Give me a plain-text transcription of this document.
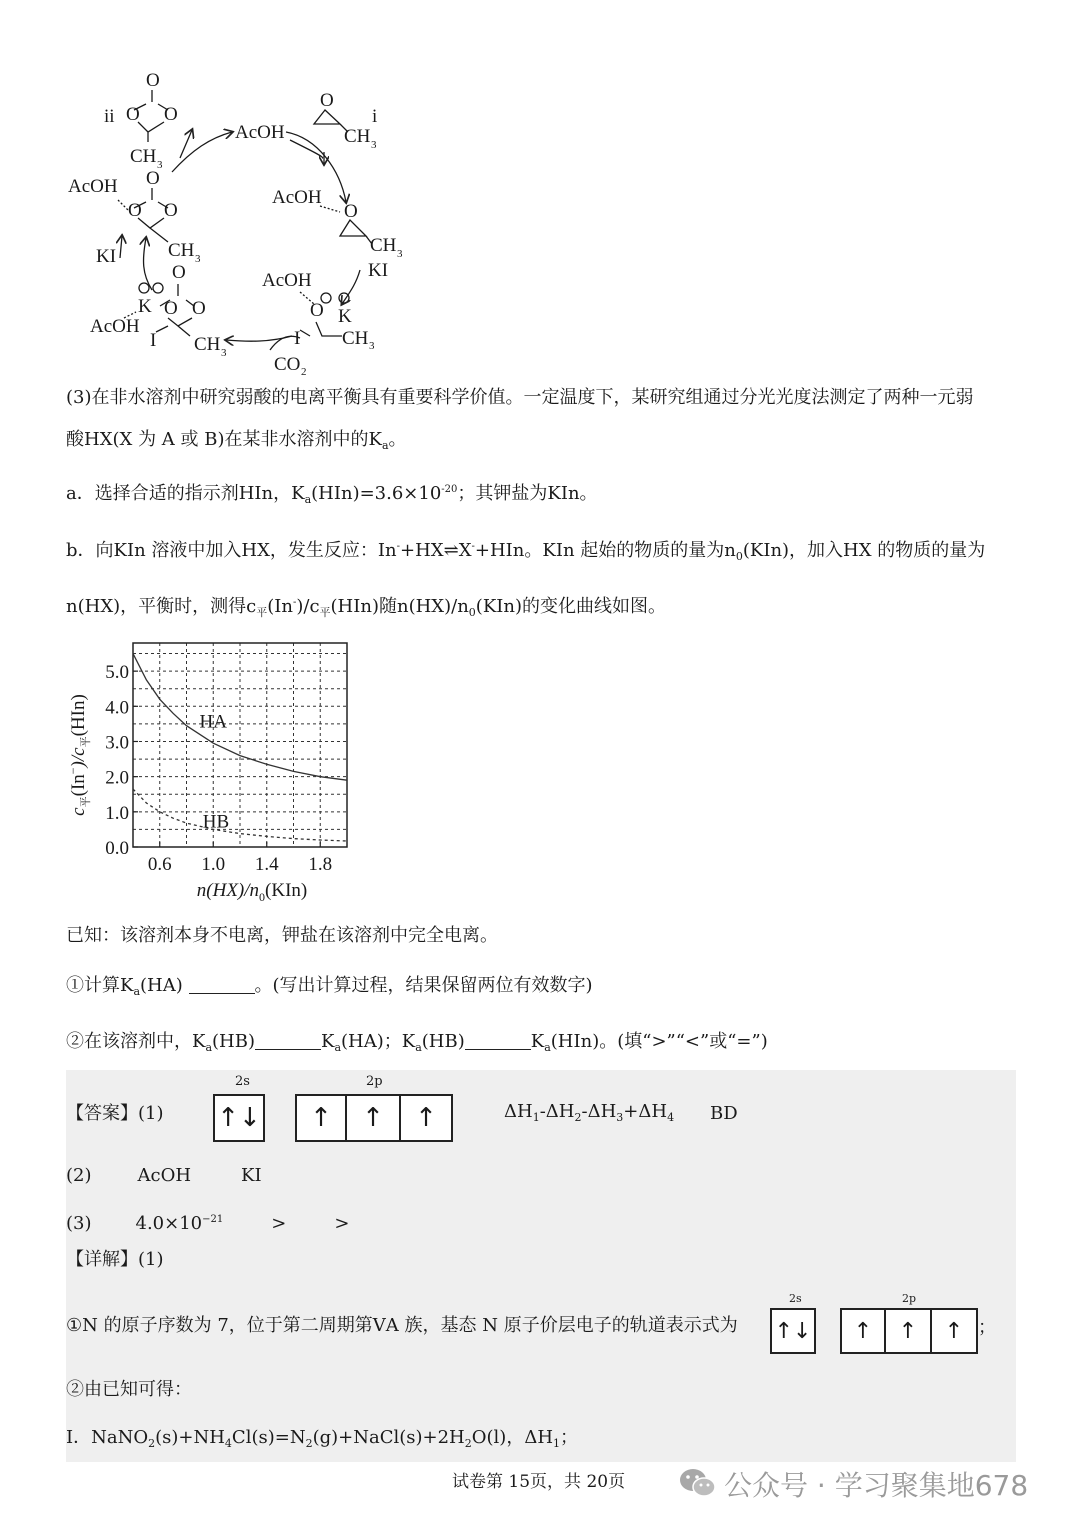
ii
O
O O
CH 3
i
O
CH 3
AcOH
AcOH
O
CH 3
KI
AcOH
O K
I CH 3
CO 2
O
K O O
AcOH
I CH 3
AcOH O
O O
CH 3
KI
(3)在非水溶剂中研究弱酸的电离平衡具有重要科学价值。一定温度下，某研究组通过分光光度法测定了两种一元弱
酸HX(X 为 A 或 B)在某非水溶剂中的$K_a$。
a．选择合适的指示剂HIn，$K_a(HIn)=3.6\times 10^{-20}$；其钾盐为KIn。
b．向KIn 溶液中加入HX，发生反应：In-+HX⇌X-+HIn。KIn 起始的物质的量为$n_0(KIn)$，加入HX 的物质的量为
n(HX)，平衡时，测得$c_平(In^-)/c_平(HIn)$随$n(HX)/n_0(KIn)$的变化曲线如图。
0.6 1.0 1.4 1.8
0.0
1.0
2.0
3.0
4.0
5.0
HA
HB
$n(HX)/n_0(KIn)$
$c_平(In^-)/c_平(HIn)$
已知：该溶剂本身不电离，钾盐在该溶剂中完全电离。
①计算$K_a(HA)$	。(写出计算过程，结果保留两位有效数字)
②在该溶剂中，$K_a(HB)$	$K_a(HA)$；$K_a(HB)$	$K_a(HIn)$。(填“>”“<”或“=”)
【答案】(1)
2s	2p
↑↓	↑	↑	↑	$\Delta H_1-\Delta H_2-\Delta H_3+\Delta H_4$ BD
(2)	AcOH	KI
(3) $4.0\times 10^{-21}$	>	>
【详解】(1)
①N 的原子序数为 7，位于第二周期第ⅤA 族，基态 N 原子价层电子的轨道表示式为
2s	2p
↑↓	↑	↑	↑ ；
②由已知可得：
Ⅰ．$NaNO_2(s)+NH_4Cl(s)=N_2(g)+NaCl(s)+2H_2O(l)$，$\Delta H_1$；
试卷第 15页，共 20页	公众号 · 学习聚集地678
